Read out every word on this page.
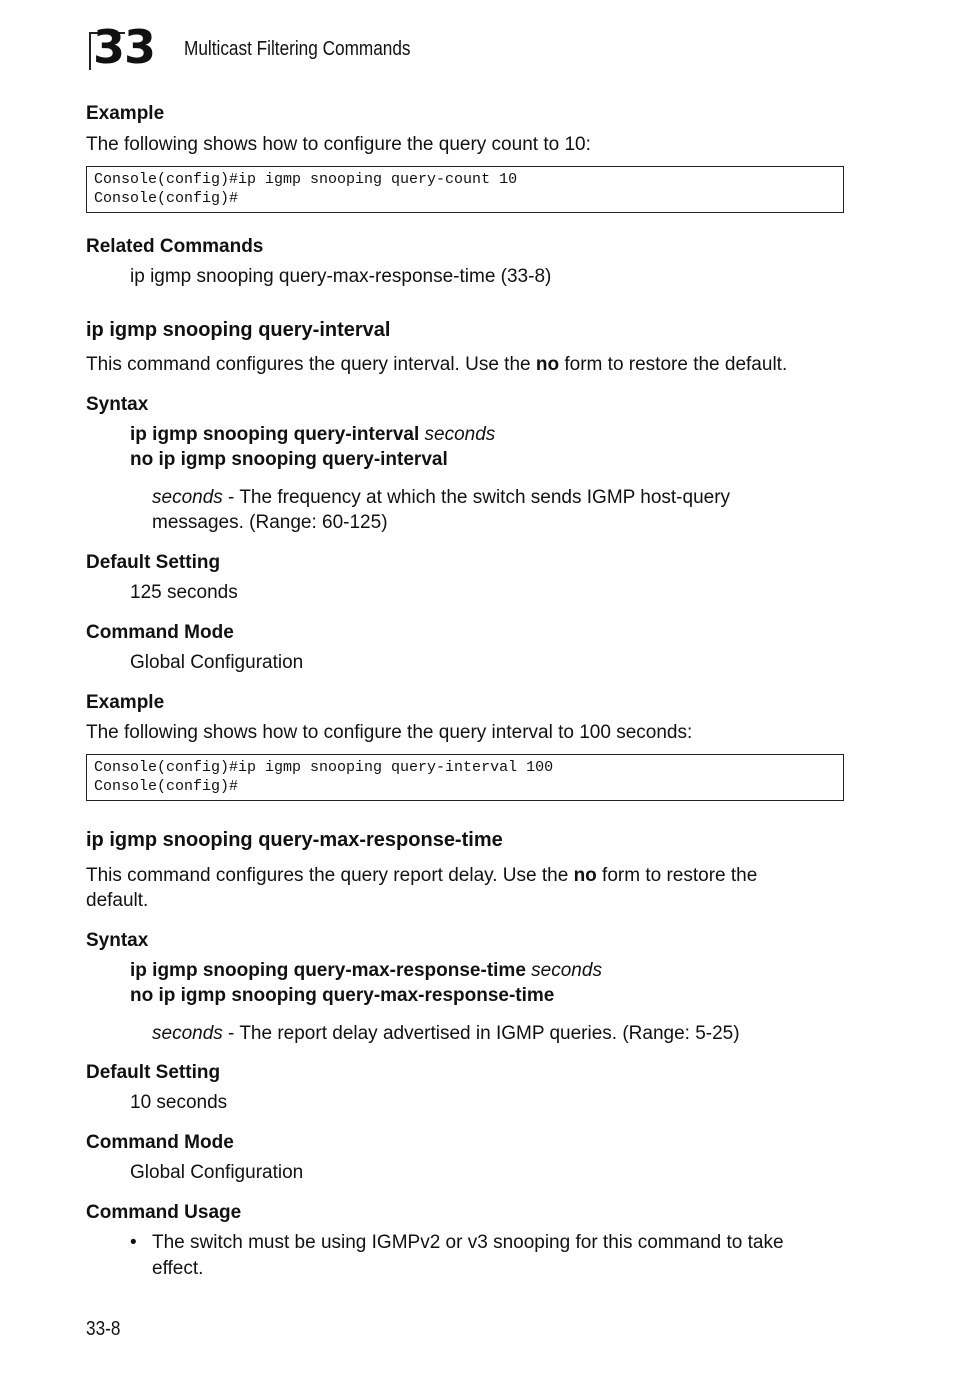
33 Multicast Filtering Commands
Example
The following shows how to configure the query count to 10:
Console(config)#ip igmp snooping query-count 10
Console(config)#
Related Commands
ip igmp snooping query-max-response-time (33-8)
ip igmp snooping query-interval
This command configures the query interval. Use the no form to restore the default.
Syntax
ip igmp snooping query-interval seconds
no ip igmp snooping query-interval
seconds - The frequency at which the switch sends IGMP host-query
messages. (Range: 60-125)
Default Setting
125 seconds
Command Mode
Global Configuration
Example
The following shows how to configure the query interval to 100 seconds:
Console(config)#ip igmp snooping query-interval 100
Console(config)#
ip igmp snooping query-max-response-time
This command configures the query report delay. Use the no form to restore the
default.
Syntax
ip igmp snooping query-max-response-time seconds
no ip igmp snooping query-max-response-time
seconds - The report delay advertised in IGMP queries. (Range: 5-25)
Default Setting
10 seconds
Command Mode
Global Configuration
Command Usage
• The switch must be using IGMPv2 or v3 snooping for this command to take
effect.
33-8
